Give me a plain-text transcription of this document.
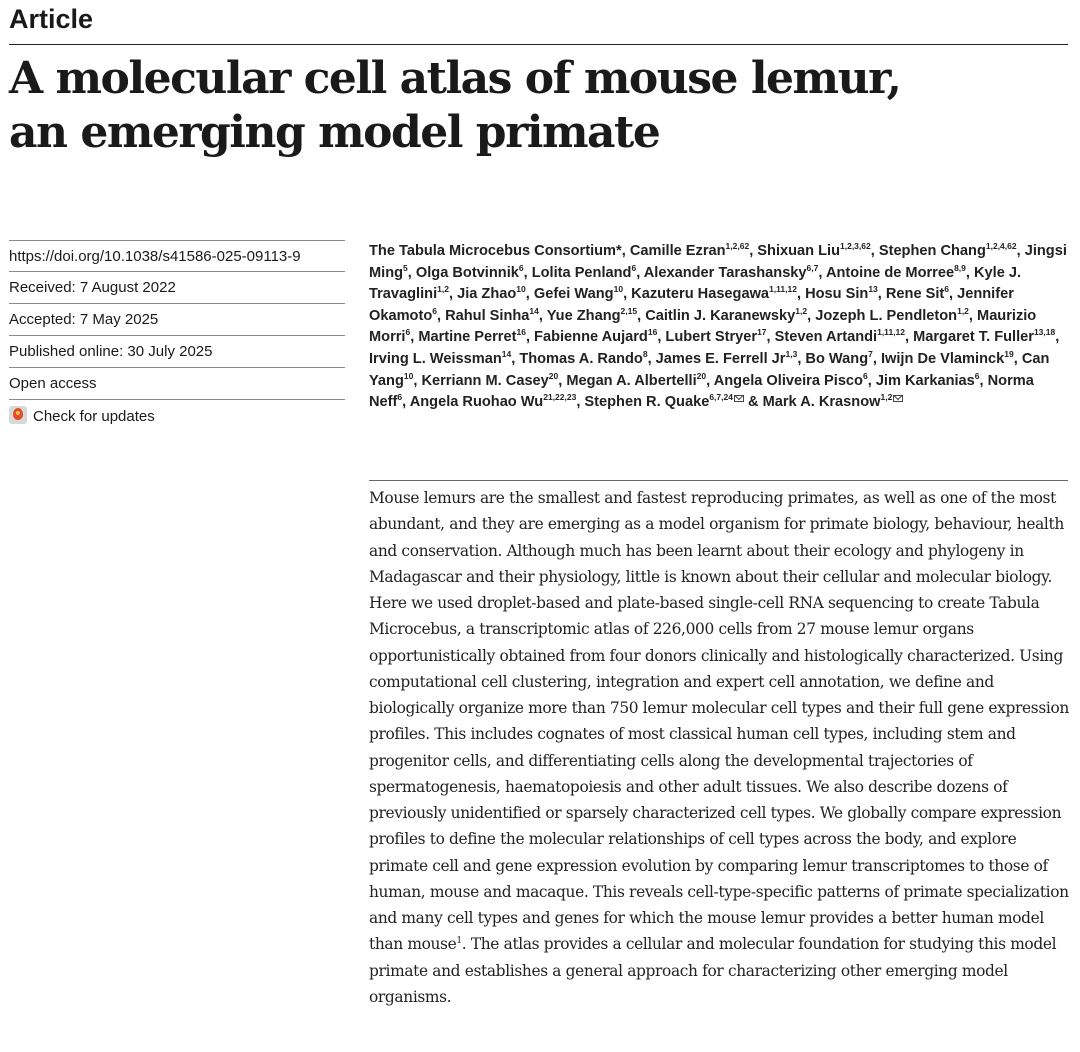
Article
A molecular cell atlas of mouse lemur,
an emerging model primate
https://doi.org/10.1038/s41586-025-09113-9
Received: 7 August 2022
Accepted: 7 May 2025
Published online: 30 July 2025
Open access
Check for updates

The Tabula Microcebus Consortium*, Camille Ezran$^{1,2,62}$, Shixuan Liu$^{1,2,3,62}$, Stephen Chang$^{1,2,4,62}$, Jingsi Ming$^5$, Olga Botvinnik$^6$, Lolita Penland$^6$, Alexander Tarashansky$^{6,7}$, Antoine de Morree$^{8,9}$, Kyle J. Travaglini$^{1,2}$, Jia Zhao$^{10}$, Gefei Wang$^{10}$, Kazuteru Hasegawa$^{1,11,12}$, Hosu Sin$^{13}$, Rene Sit$^6$, Jennifer Okamoto$^6$, Rahul Sinha$^{14}$, Yue Zhang$^{2,15}$, Caitlin J. Karanewsky$^{1,2}$, Jozeph L. Pendleton$^{1,2}$, Maurizio Morri$^6$, Martine Perret$^{16}$, Fabienne Aujard$^{16}$, Lubert Stryer$^{17}$, Steven Artandi$^{1,11,12}$, Margaret T. Fuller$^{13,18}$, Irving L. Weissman$^{14}$, Thomas A. Rando$^8$, James E. Ferrell Jr$^{1,3}$, Bo Wang$^7$, Iwijn De Vlaminck$^{19}$, Can Yang$^{10}$, Kerriann M. Casey$^{20}$, Megan A. Albertelli$^{20}$, Angela Oliveira Pisco$^6$, Jim Karkanias$^6$, Norma Neff$^6$, Angela Ruohao Wu$^{21,22,23}$, Stephen R. Quake$^{6,7,24}$ & Mark A. Krasnow$^{1,2}$

Mouse lemurs are the smallest and fastest reproducing primates, as well as one of the most abundant, and they are emerging as a model organism for primate biology, behaviour, health and conservation. Although much has been learnt about their ecology and phylogeny in Madagascar and their physiology, little is known about their cellular and molecular biology. Here we used droplet-based and plate-based single-cell RNA sequencing to create Tabula Microcebus, a transcriptomic atlas of 226,000 cells from 27 mouse lemur organs opportunistically obtained from four donors clinically and histologically characterized. Using computational cell clustering, integration and expert cell annotation, we define and biologically organize more than 750 lemur molecular cell types and their full gene expression profiles. This includes cognates of most classical human cell types, including stem and progenitor cells, and differentiating cells along the developmental trajectories of spermatogenesis, haematopoiesis and other adult tissues. We also describe dozens of previously unidentified or sparsely characterized cell types. We globally compare expression profiles to define the molecular relationships of cell types across the body, and explore primate cell and gene expression evolution by comparing lemur transcriptomes to those of human, mouse and macaque. This reveals cell-type-specific patterns of primate specialization and many cell types and genes for which the mouse lemur provides a better human model than mouse$^1$. The atlas provides a cellular and molecular foundation for studying this model primate and establishes a general approach for characterizing other emerging model organisms.
